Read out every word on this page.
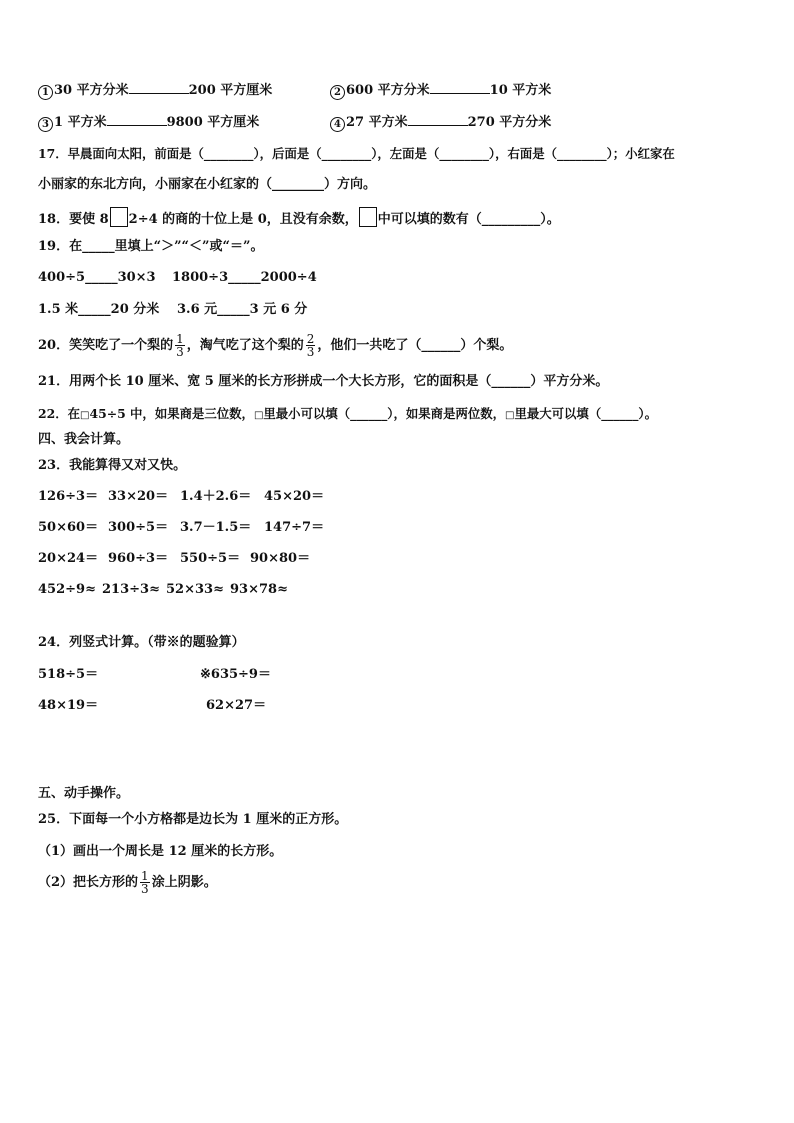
1 30 平方分米	200 平方厘米	2 600 平方分米	10 平方米
3 1 平方米	9800 平方厘米	4 27 平方米	270 平方分米
17．早晨面向太阳，前面是（________），后面是（________），左面是（________），右面是（________）；小红家在
小丽家的东北方向，小丽家在小红家的（________）方向。
18．要使 8 2÷4 的商的十位上是 0，且没有余数， 中可以填的数有（_________）。
19．在_____里填上“＞”“＜”或“＝”。
400÷5_____30×3 1800÷3_____2000÷4
1.5 米_____20 分米 3.6 元_____3 元 6 分
20．笑笑吃了一个梨的 $\frac{1}{3}$ ，淘气吃了这个梨的 $\frac{2}{3}$ ，他们一共吃了（______）个梨。
21．用两个长 10 厘米、宽 5 厘米的长方形拼成一个大长方形，它的面积是（______）平方分米。
22．在□45÷5 中，如果商是三位数，□里最小可以填（______），如果商是两位数，□里最大可以填（______）。
四、我会计算。
23．我能算得又对又快。
126÷3＝ 33×20＝ 1.4＋2.6＝ 45×20＝
50×60＝ 300÷5＝ 3.7－1.5＝ 147÷7＝
20×24＝ 960÷3＝ 550÷5＝ 90×80＝
452÷9≈ 213÷3≈ 52×33≈ 93×78≈
24．列竖式计算。（带※的题验算）
518÷5＝	※635÷9＝
48×19＝	62×27＝
五、动手操作。
25．下面每一个小方格都是边长为 1 厘米的正方形。
（1）画出一个周长是 12 厘米的长方形。
（2）把长方形的 $\frac{1}{3}$ 涂上阴影。
